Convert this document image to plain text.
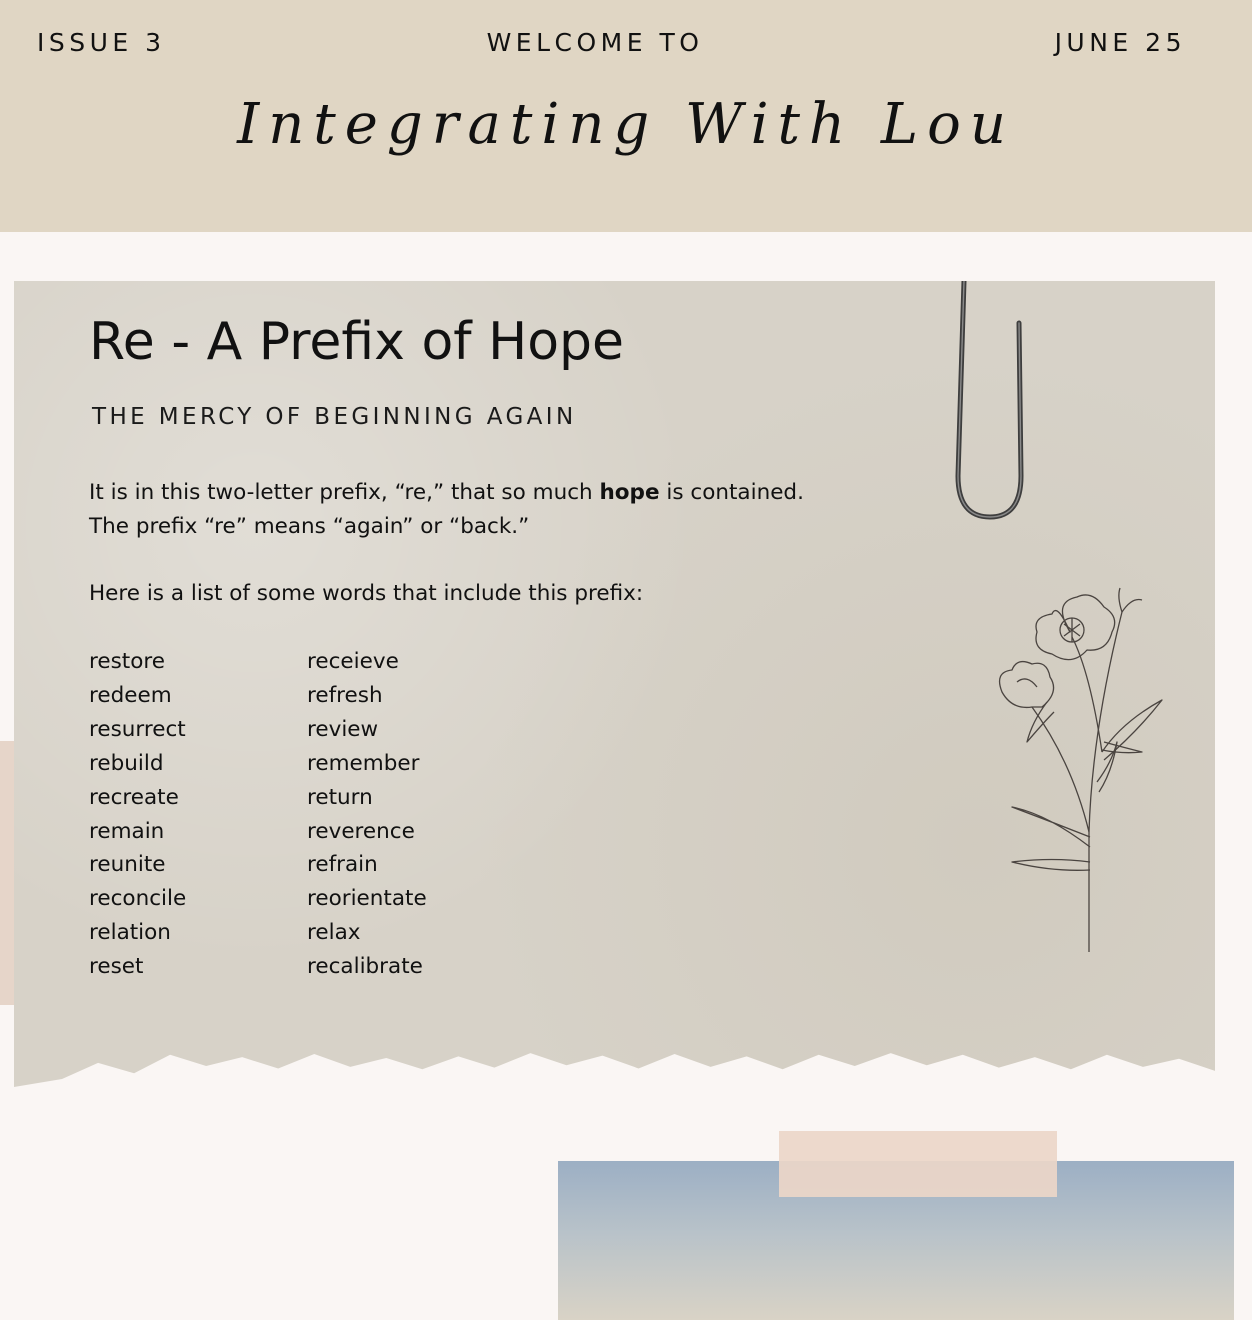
ISSUE 3	WELCOME TO	JUNE 25
Integrating With Lou
Re - A Prefix of Hope
THE MERCY OF BEGINNING AGAIN
It is in this two-letter prefix, “re,” that so much hope is contained.
The prefix “re” means “again” or “back.”
Here is a list of some words that include this prefix:
restore
redeem
resurrect
rebuild
recreate
remain
reunite
reconcile
relation
reset
receieve
refresh
review
remember
return
reverence
refrain
reorientate
relax
recalibrate
